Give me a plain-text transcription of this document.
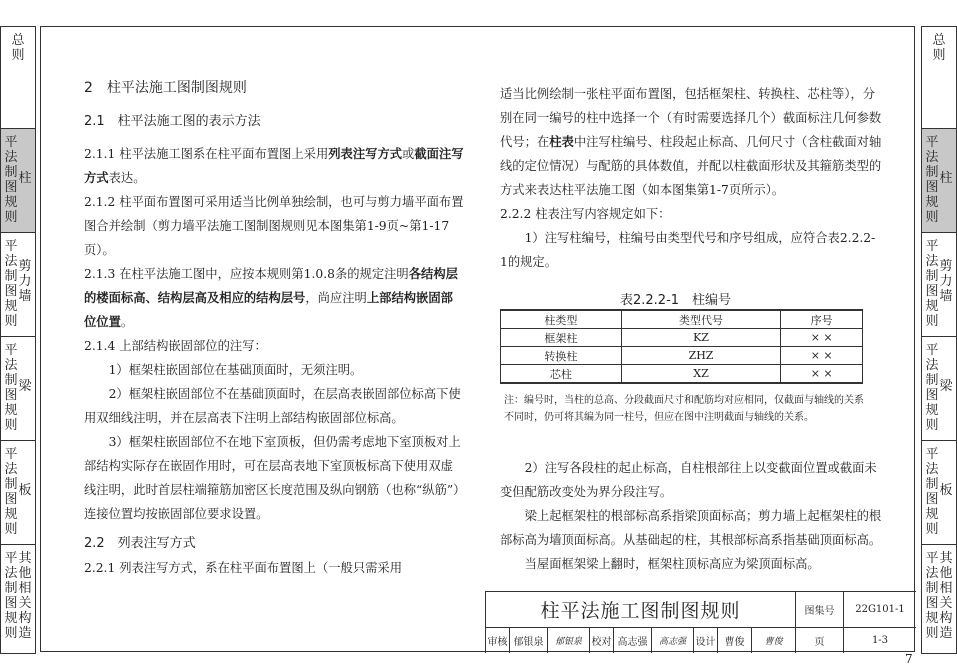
总则
平法制图规则
柱
平法制图规则
剪力墙
平法制图规则
梁
平法制图规则
板
平法制图规则
其他相关构造
总则
平法制图规则
柱
平法制图规则
剪力墙
平法制图规则
梁
平法制图规则
板
平法制图规则
其他相关构造

2　柱平法施工图制图规则

2.1　柱平法施工图的表示方法

2.1.1 柱平法施工图系在柱平面布置图上采用列表注写方式或截面注写方式表达。

2.1.2 柱平面布置图可采用适当比例单独绘制，也可与剪力墙平面布置图合并绘制（剪力墙平法施工图制图规则见本图集第1-9页~第1-17页）。

2.1.3 在柱平法施工图中，应按本规则第1.0.8条的规定注明各结构层的楼面标高、结构层高及相应的结构层号，尚应注明上部结构嵌固部位位置。

2.1.4 上部结构嵌固部位的注写：

1）框架柱嵌固部位在基础顶面时，无须注明。

2）框架柱嵌固部位不在基础顶面时，在层高表嵌固部位标高下使用双细线注明，并在层高表下注明上部结构嵌固部位标高。

3）框架柱嵌固部位不在地下室顶板，但仍需考虑地下室顶板对上部结构实际存在嵌固作用时，可在层高表地下室顶板标高下使用双虚线注明，此时首层柱端箍筋加密区长度范围及纵向钢筋（也称“纵筋”）连接位置均按嵌固部位要求设置。

2.2　列表注写方式

2.2.1 列表注写方式，系在柱平面布置图上（一般只需采用

适当比例绘制一张柱平面布置图，包括框架柱、转换柱、芯柱等），分别在同一编号的柱中选择一个（有时需要选择几个）截面标注几何参数代号；在柱表中注写柱编号、柱段起止标高、几何尺寸（含柱截面对轴线的定位情况）与配筋的具体数值，并配以柱截面形状及其箍筋类型的方式来表达柱平法施工图（如本图集第1-7页所示）。

2.2.2 柱表注写内容规定如下：

1）注写柱编号，柱编号由类型代号和序号组成，应符合表2.2.2-1的规定。

表2.2.2-1　柱编号
柱类型	类型代号	序号
框架柱	KZ	× ×
转换柱	ZHZ	× ×
芯柱	XZ	× ×
注：编号时，当柱的总高、分段截面尺寸和配筋均对应相同，仅截面与轴线的关系不同时，仍可将其编为同一柱号，但应在图中注明截面与轴线的关系。

2）注写各段柱的起止标高，自柱根部往上以变截面位置或截面未变但配筋改变处为界分段注写。

梁上起框架柱的根部标高系指梁顶面标高；剪力墙上起框架柱的根部标高为墙顶面标高。从基础起的柱，其根部标高系指基础顶面标高。

当屋面框架梁上翻时，框架柱顶标高应为梁顶面标高。

柱平法施工图制图规则	图集号	22G101-1
审核 郁银泉	郁银泉 校对 高志强	高志强 设计 曹俊	曹俊	页	1-3
7
